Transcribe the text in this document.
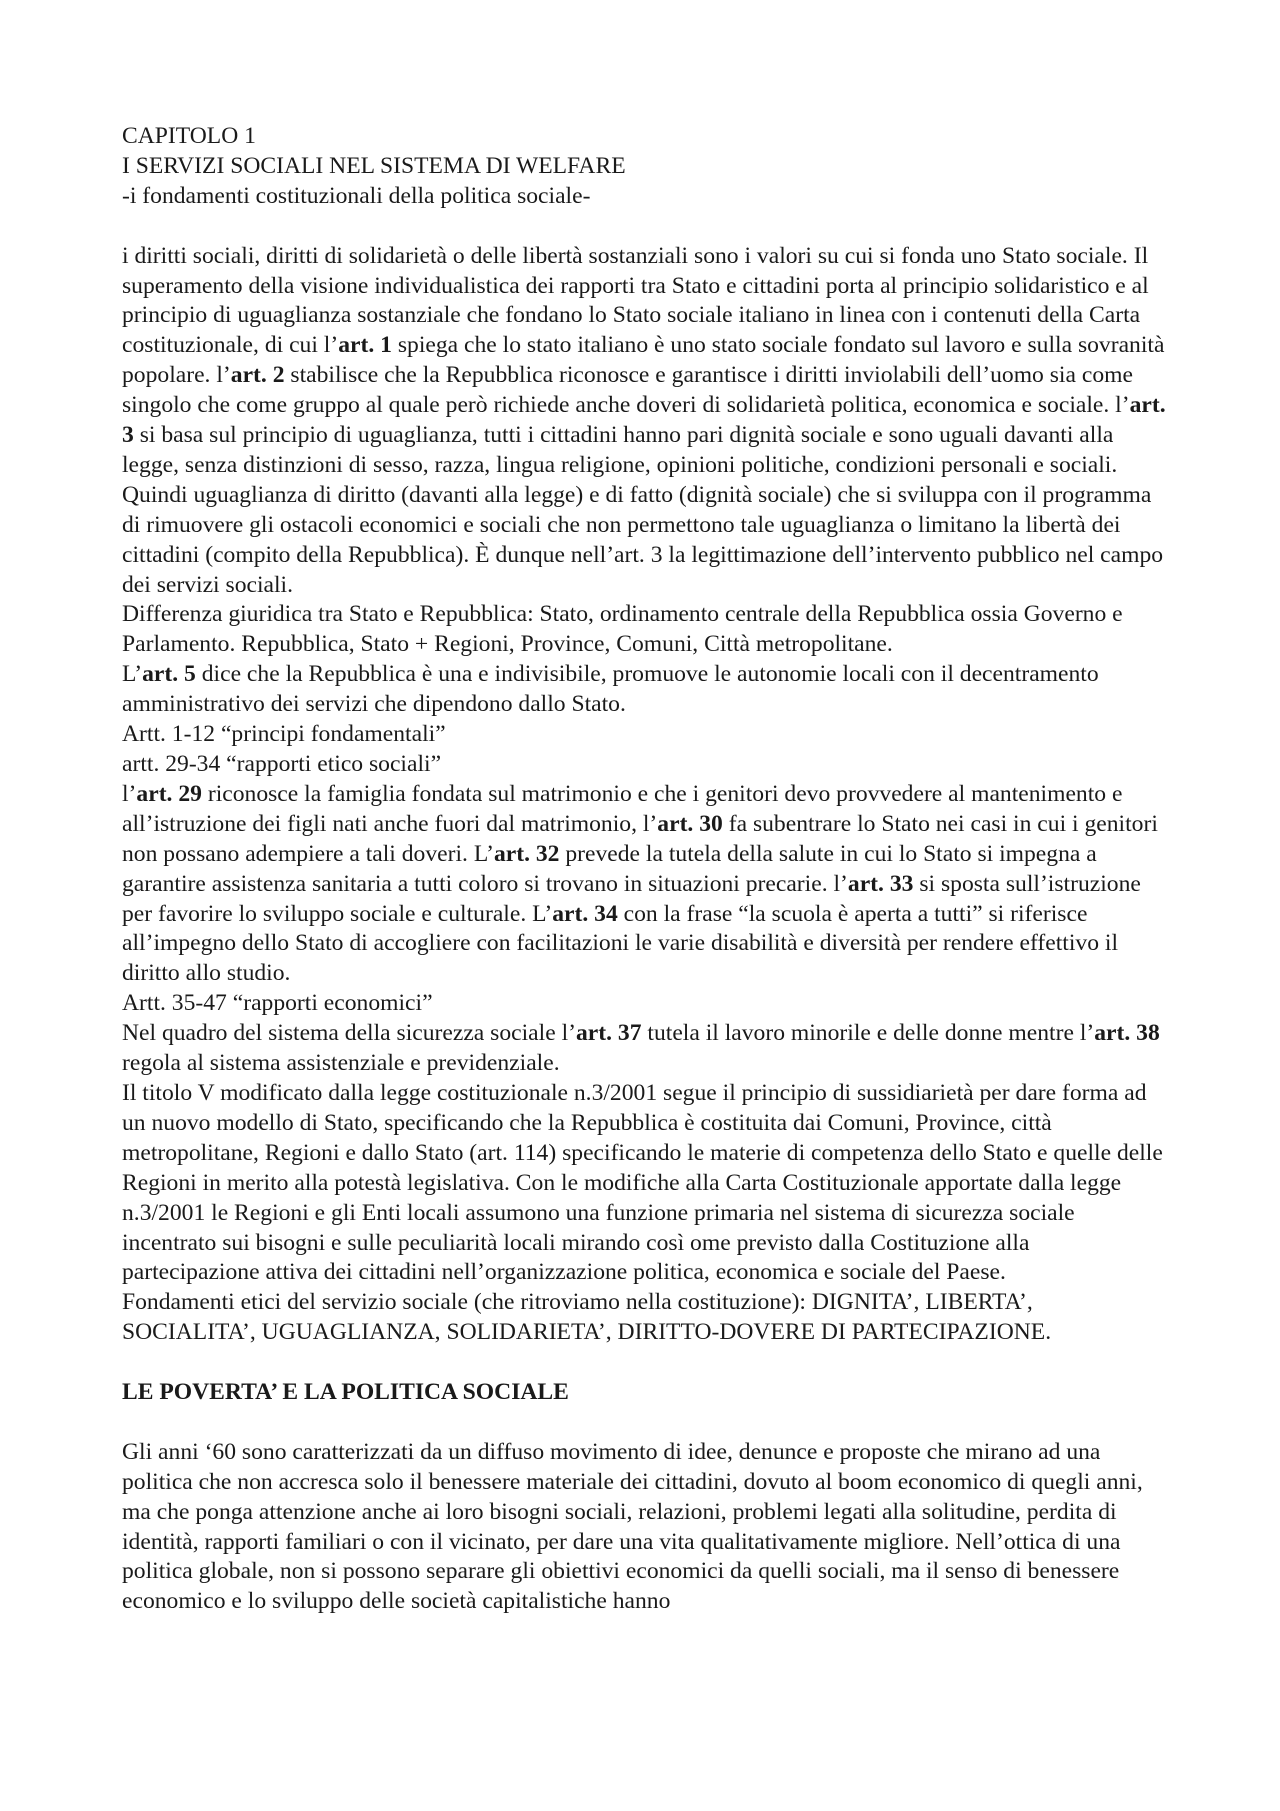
CAPITOLO 1

I SERVIZI SOCIALI NEL SISTEMA DI WELFARE

-i fondamenti costituzionali della politica sociale-

i diritti sociali, diritti di solidarietà o delle libertà sostanziali sono i valori su cui si fonda uno Stato sociale. Il superamento della visione individualistica dei rapporti tra Stato e cittadini porta al principio solidaristico e al principio di uguaglianza sostanziale che fondano lo Stato sociale italiano in linea con i contenuti della Carta costituzionale, di cui l’art. 1 spiega che lo stato italiano è uno stato sociale fondato sul lavoro e sulla sovranità popolare. l’art. 2 stabilisce che la Repubblica riconosce e garantisce i diritti inviolabili dell’uomo sia come singolo che come gruppo al quale però richiede anche doveri di solidarietà politica, economica e sociale. l’art. 3 si basa sul principio di uguaglianza, tutti i cittadini hanno pari dignità sociale e sono uguali davanti alla legge, senza distinzioni di sesso, razza, lingua religione, opinioni politiche, condizioni personali e sociali. Quindi uguaglianza di diritto (davanti alla legge) e di fatto (dignità sociale) che si sviluppa con il programma di rimuovere gli ostacoli economici e sociali che non permettono tale uguaglianza o limitano la libertà dei cittadini (compito della Repubblica). È dunque nell’art. 3 la legittimazione dell’intervento pubblico nel campo dei servizi sociali.

Differenza giuridica tra Stato e Repubblica: Stato, ordinamento centrale della Repubblica ossia Governo e Parlamento. Repubblica, Stato + Regioni, Province, Comuni, Città metropolitane.

L’art. 5 dice che la Repubblica è una e indivisibile, promuove le autonomie locali con il decentramento amministrativo dei servizi che dipendono dallo Stato.

Artt. 1-12 “principi fondamentali”

artt. 29-34 “rapporti etico sociali”

l’art. 29 riconosce la famiglia fondata sul matrimonio e che i genitori devo provvedere al mantenimento e all’istruzione dei figli nati anche fuori dal matrimonio, l’art. 30 fa subentrare lo Stato nei casi in cui i genitori non possano adempiere a tali doveri. L’art. 32 prevede la tutela della salute in cui lo Stato si impegna a garantire assistenza sanitaria a tutti coloro si trovano in situazioni precarie. l’art. 33 si sposta sull’istruzione per favorire lo sviluppo sociale e culturale. L’art. 34 con la frase “la scuola è aperta a tutti” si riferisce all’impegno dello Stato di accogliere con facilitazioni le varie disabilità e diversità per rendere effettivo il diritto allo studio.

Artt. 35-47 “rapporti economici”

Nel quadro del sistema della sicurezza sociale l’art. 37 tutela il lavoro minorile e delle donne mentre l’art. 38 regola al sistema assistenziale e previdenziale.

Il titolo V modificato dalla legge costituzionale n.3/2001 segue il principio di sussidiarietà per dare forma ad un nuovo modello di Stato, specificando che la Repubblica è costituita dai Comuni, Province, città metropolitane, Regioni e dallo Stato (art. 114) specificando le materie di competenza dello Stato e quelle delle Regioni in merito alla potestà legislativa. Con le modifiche alla Carta Costituzionale apportate dalla legge n.3/2001 le Regioni e gli Enti locali assumono una funzione primaria nel sistema di sicurezza sociale incentrato sui bisogni e sulle peculiarità locali mirando così ome previsto dalla Costituzione alla partecipazione attiva dei cittadini nell’organizzazione politica, economica e sociale del Paese.

Fondamenti etici del servizio sociale (che ritroviamo nella costituzione): DIGNITA’, LIBERTA’, SOCIALITA’, UGUAGLIANZA, SOLIDARIETA’, DIRITTO-DOVERE DI PARTECIPAZIONE.

LE POVERTA’ E LA POLITICA SOCIALE

Gli anni ‘60 sono caratterizzati da un diffuso movimento di idee, denunce e proposte che mirano ad una politica che non accresca solo il benessere materiale dei cittadini, dovuto al boom economico di quegli anni, ma che ponga attenzione anche ai loro bisogni sociali, relazioni, problemi legati alla solitudine, perdita di identità, rapporti familiari o con il vicinato, per dare una vita qualitativamente migliore. Nell’ottica di una politica globale, non si possono separare gli obiettivi economici da quelli sociali, ma il senso di benessere economico e lo sviluppo delle società capitalistiche hanno
